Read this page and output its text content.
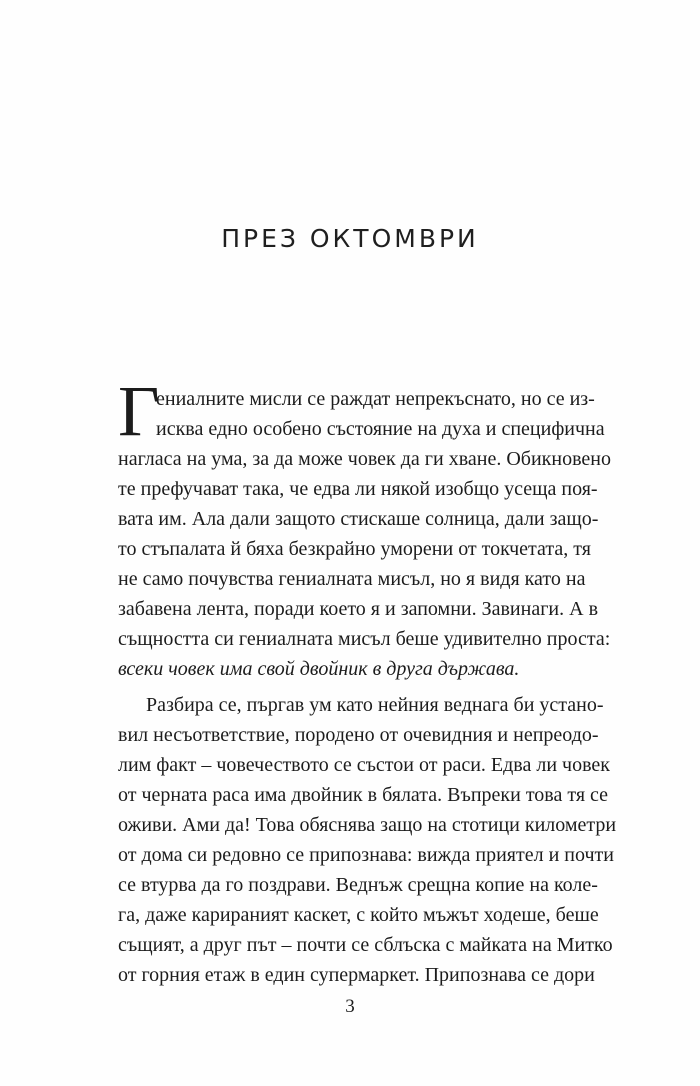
ПРЕЗ ОКТОМВРИ
Г
ениалните мисли се раждат непрекъснато, но се из-
исква едно особено състояние на духа и специфична
нагласа на ума, за да може човек да ги хване. Обикновено
те префучават така, че едва ли някой изобщо усеща поя-
вата им. Ала дали защото стискаше солница, дали защо-
то стъпалата й бяха безкрайно уморени от токчетата, тя
не само почувства гениалната мисъл, но я видя като на
забавена лента, поради което я и запомни. Завинаги. А в
същността си гениалната мисъл беше удивително проста:
всеки човек има свой двойник в друга държава.
Разбира се, пъргав ум като нейния веднага би устано-
вил несъответствие, породено от очевидния и непреодо-
лим факт – човечеството се състои от раси. Едва ли човек
от черната раса има двойник в бялата. Въпреки това тя се
оживи. Ами да! Това обяснява защо на стотици километри
от дома си редовно се припознава: вижда приятел и почти
се втурва да го поздрави. Веднъж срещна копие на коле-
га, даже карираният каскет, с който мъжът ходеше, беше
същият, а друг път – почти се сблъска с майката на Митко
от горния етаж в един супермаркет. Припознава се дори
3
